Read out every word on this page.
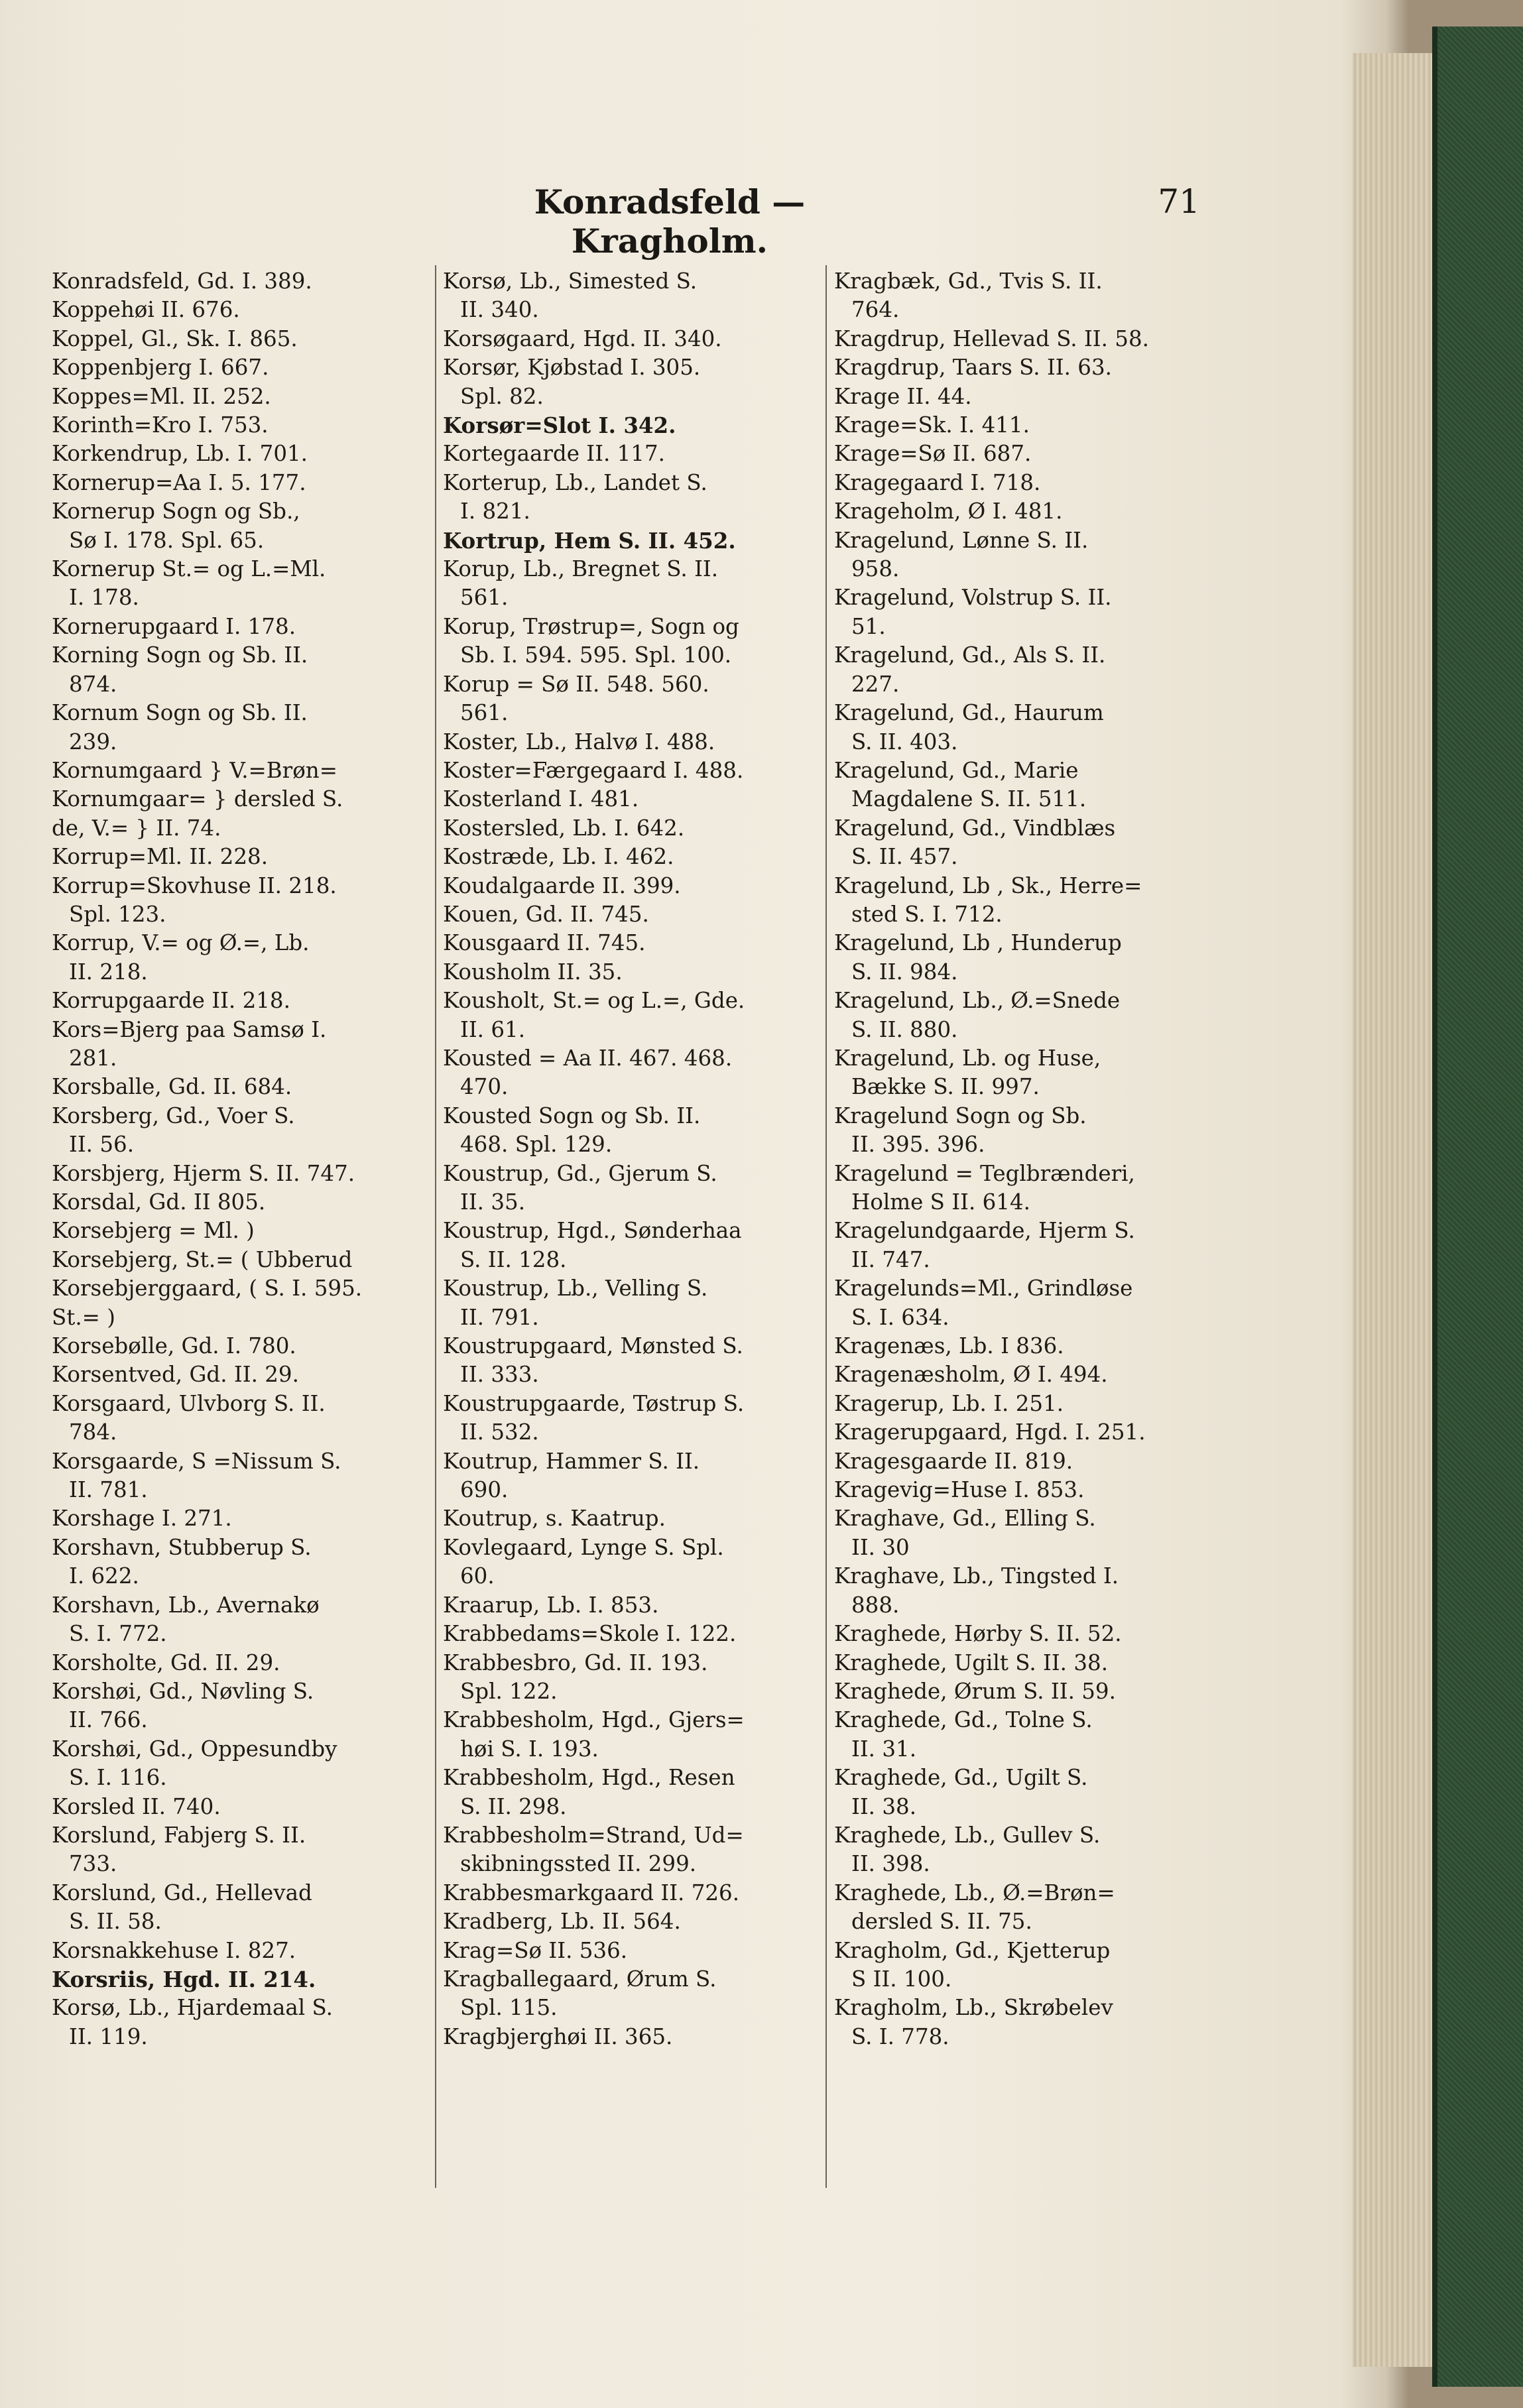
Konradsfeld — Kragholm.
71
Konradsfeld, Gd. I. 389.
Koppehøi II. 676.
Koppel, Gl., Sk. I. 865.
Koppenbjerg I. 667.
Koppes=Ml. II. 252.
Korinth=Kro I. 753.
Korkendrup, Lb. I. 701.
Kornerup=Aa I. 5. 177.
Kornerup Sogn og Sb.,
Sø I. 178. Spl. 65.
Kornerup St.= og L.=Ml.
I. 178.
Kornerupgaard I. 178.
Korning Sogn og Sb. II.
874.
Kornum Sogn og Sb. II.
239.
Kornumgaard } V.=Brøn=
Kornumgaar= } dersled S.
de, V.= } II. 74.
Korrup=Ml. II. 228.
Korrup=Skovhuse II. 218.
Spl. 123.
Korrup, V.= og Ø.=, Lb.
II. 218.
Korrupgaarde II. 218.
Kors=Bjerg paa Samsø I.
281.
Korsballe, Gd. II. 684.
Korsberg, Gd., Voer S.
II. 56.
Korsbjerg, Hjerm S. II. 747.
Korsdal, Gd. II 805.
Korsebjerg = Ml. )
Korsebjerg, St.= ( Ubberud
Korsebjerggaard, ( S. I. 595.
St.= )
Korsebølle, Gd. I. 780.
Korsentved, Gd. II. 29.
Korsgaard, Ulvborg S. II.
784.
Korsgaarde, S =Nissum S.
II. 781.
Korshage I. 271.
Korshavn, Stubberup S.
I. 622.
Korshavn, Lb., Avernakø
S. I. 772.
Korsholte, Gd. II. 29.
Korshøi, Gd., Nøvling S.
II. 766.
Korshøi, Gd., Oppesundby
S. I. 116.
Korsled II. 740.
Korslund, Fabjerg S. II.
733.
Korslund, Gd., Hellevad
S. II. 58.
Korsnakkehuse I. 827.
Korsriis, Hgd. II. 214.
Korsø, Lb., Hjardemaal S.
II. 119.
Korsø, Lb., Simested S.
II. 340.
Korsøgaard, Hgd. II. 340.
Korsør, Kjøbstad I. 305.
Spl. 82.
Korsør=Slot I. 342.
Kortegaarde II. 117.
Korterup, Lb., Landet S.
I. 821.
Kortrup, Hem S. II. 452.
Korup, Lb., Bregnet S. II.
561.
Korup, Trøstrup=, Sogn og
Sb. I. 594. 595. Spl. 100.
Korup = Sø II. 548. 560.
561.
Koster, Lb., Halvø I. 488.
Koster=Færgegaard I. 488.
Kosterland I. 481.
Kostersled, Lb. I. 642.
Kostræde, Lb. I. 462.
Koudalgaarde II. 399.
Kouen, Gd. II. 745.
Kousgaard II. 745.
Kousholm II. 35.
Kousholt, St.= og L.=, Gde.
II. 61.
Kousted = Aa II. 467. 468.
470.
Kousted Sogn og Sb. II.
468. Spl. 129.
Koustrup, Gd., Gjerum S.
II. 35.
Koustrup, Hgd., Sønderhaa
S. II. 128.
Koustrup, Lb., Velling S.
II. 791.
Koustrupgaard, Mønsted S.
II. 333.
Koustrupgaarde, Tøstrup S.
II. 532.
Koutrup, Hammer S. II.
690.
Koutrup, s. Kaatrup.
Kovlegaard, Lynge S. Spl.
60.
Kraarup, Lb. I. 853.
Krabbedams=Skole I. 122.
Krabbesbro, Gd. II. 193.
Spl. 122.
Krabbesholm, Hgd., Gjers=
høi S. I. 193.
Krabbesholm, Hgd., Resen
S. II. 298.
Krabbesholm=Strand, Ud=
skibningssted II. 299.
Krabbesmarkgaard II. 726.
Kradberg, Lb. II. 564.
Krag=Sø II. 536.
Kragballegaard, Ørum S.
Spl. 115.
Kragbjerghøi II. 365.
Kragbæk, Gd., Tvis S. II.
764.
Kragdrup, Hellevad S. II. 58.
Kragdrup, Taars S. II. 63.
Krage II. 44.
Krage=Sk. I. 411.
Krage=Sø II. 687.
Kragegaard I. 718.
Krageholm, Ø I. 481.
Kragelund, Lønne S. II.
958.
Kragelund, Volstrup S. II.
51.
Kragelund, Gd., Als S. II.
227.
Kragelund, Gd., Haurum
S. II. 403.
Kragelund, Gd., Marie
Magdalene S. II. 511.
Kragelund, Gd., Vindblæs
S. II. 457.
Kragelund, Lb , Sk., Herre=
sted S. I. 712.
Kragelund, Lb , Hunderup
S. II. 984.
Kragelund, Lb., Ø.=Snede
S. II. 880.
Kragelund, Lb. og Huse,
Bække S. II. 997.
Kragelund Sogn og Sb.
II. 395. 396.
Kragelund = Teglbrænderi,
Holme S II. 614.
Kragelundgaarde, Hjerm S.
II. 747.
Kragelunds=Ml., Grindløse
S. I. 634.
Kragenæs, Lb. I 836.
Kragenæsholm, Ø I. 494.
Kragerup, Lb. I. 251.
Kragerupgaard, Hgd. I. 251.
Kragesgaarde II. 819.
Kragevig=Huse I. 853.
Kraghave, Gd., Elling S.
II. 30
Kraghave, Lb., Tingsted I.
888.
Kraghede, Hørby S. II. 52.
Kraghede, Ugilt S. II. 38.
Kraghede, Ørum S. II. 59.
Kraghede, Gd., Tolne S.
II. 31.
Kraghede, Gd., Ugilt S.
II. 38.
Kraghede, Lb., Gullev S.
II. 398.
Kraghede, Lb., Ø.=Brøn=
dersled S. II. 75.
Kragholm, Gd., Kjetterup
S II. 100.
Kragholm, Lb., Skrøbelev
S. I. 778.
